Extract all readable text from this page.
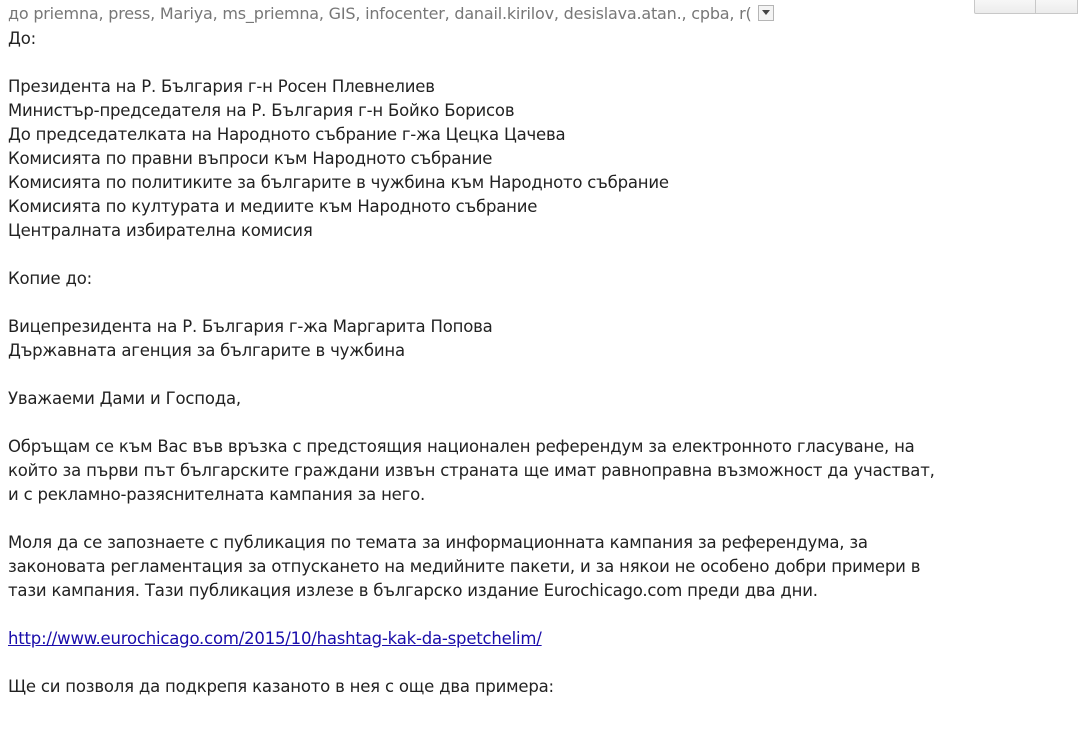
до priemna, press, Mariya, ms_priemna, GIS, infocenter, danail.kirilov, desislava.atan., cpba, r(
До:
Президента на Р. България г-н Росен Плевнелиев
Министър-председателя на Р. България г-н Бойко Борисов
До председателката на Народното събрание г-жа Цецка Цачева
Комисията по правни въпроси към Народното събрание
Комисията по политиките за българите в чужбина към Народното събрание
Комисията по културата и медиите към Народното събрание
Централната избирателна комисия
Копие до:
Вицепрезидента на Р. България г-жа Маргарита Попова
Държавната агенция за българите в чужбина
Уважаеми Дами и Господа,
Обръщам се към Вас във връзка с предстоящия национален референдум за електронното гласуване, на
който за първи път българските граждани извън страната ще имат равноправна възможност да участват,
и с рекламно-разяснителната кампания за него.
Моля да се запознаете с публикация по темата за информационната кампания за референдума, за
законовата регламентация за отпускането на медийните пакети, и за някои не особено добри примери в
тази кампания. Тази публикация излезе в българско издание Eurochicago.com преди два дни.
http://www.eurochicago.com/2015/10/hashtag-kak-da-spetchelim/
Ще си позволя да подкрепя казаното в нея с още два примера:
